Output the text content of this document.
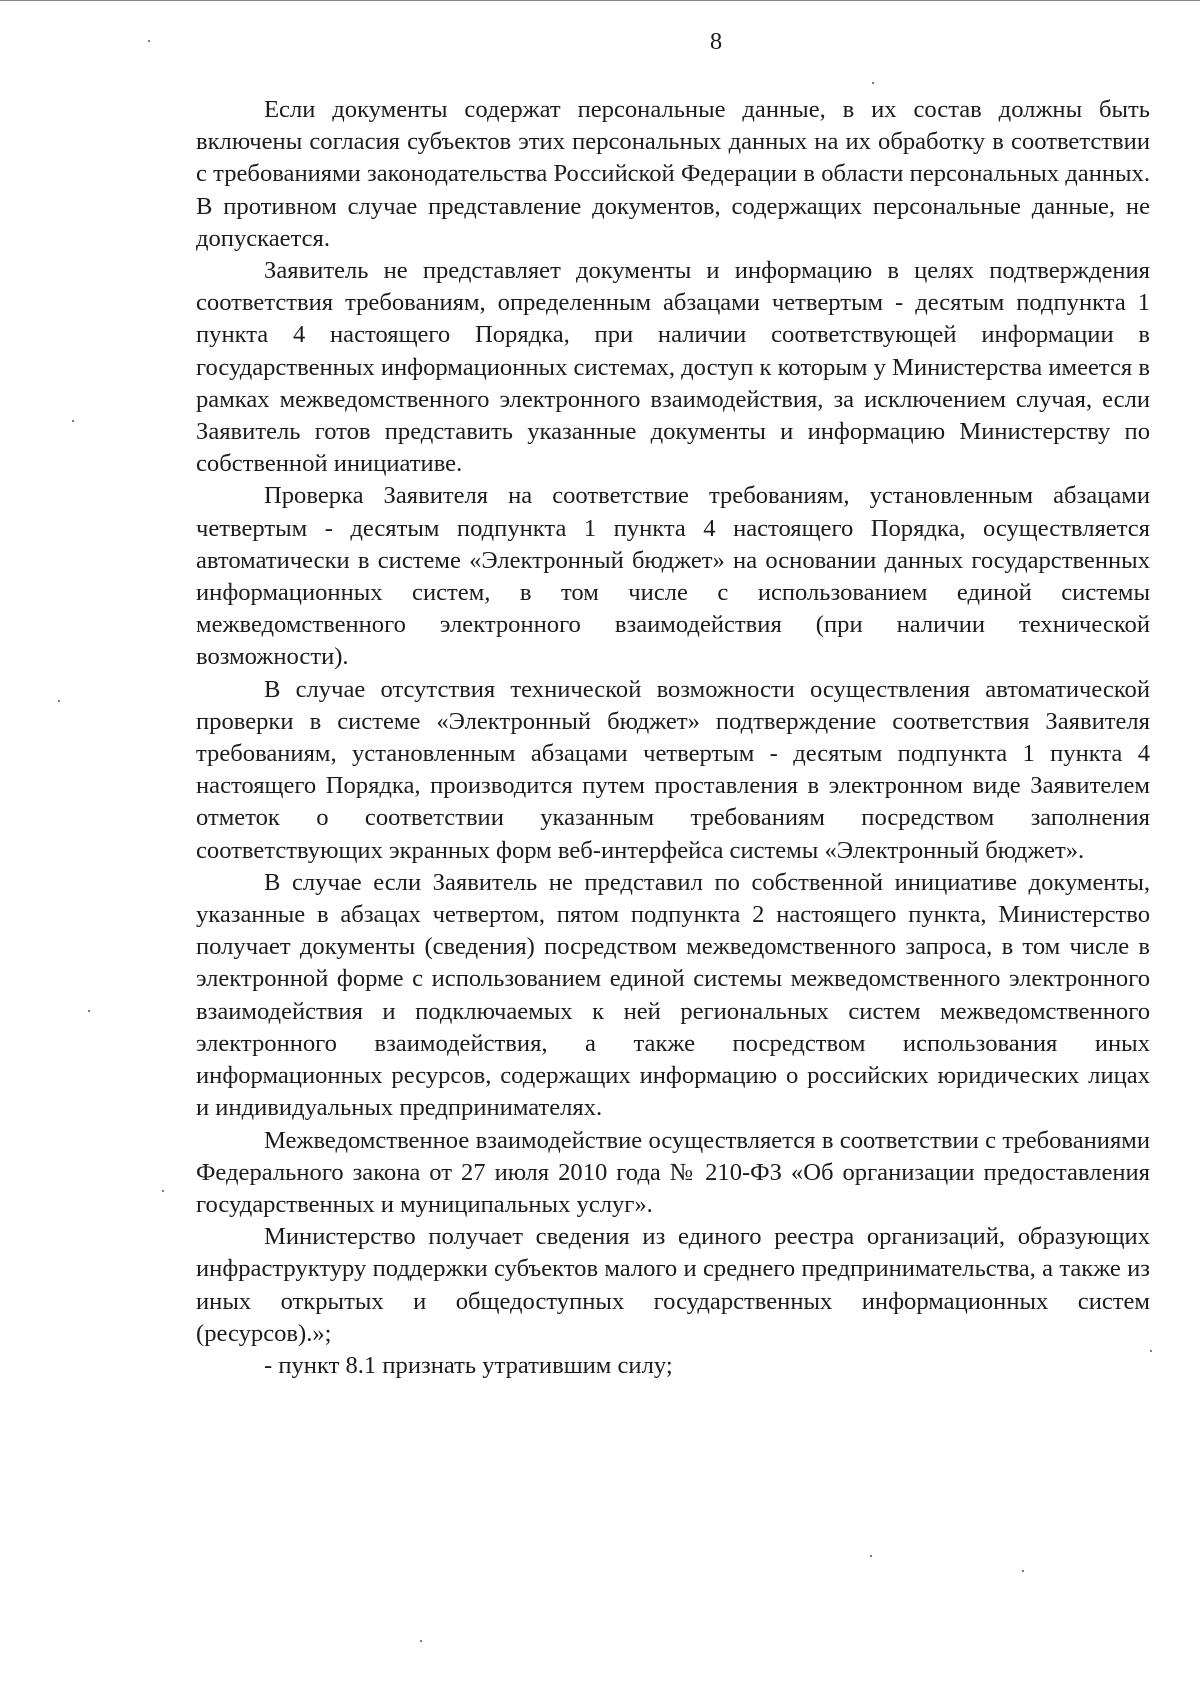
8

Если документы содержат персональные данные, в их состав должны быть включены согласия субъектов этих персональных данных на их обработку в соответствии с требованиями законодательства Российской Федерации в области персональных данных. В противном случае представление документов, содержащих персональные данные, не допускается.

Заявитель не представляет документы и информацию в целях подтверждения соответствия требованиям, определенным абзацами четвертым - десятым подпункта 1 пункта 4 настоящего Порядка, при наличии соответствующей информации в государственных информационных системах, доступ к которым у Министерства имеется в рамках межведомственного электронного взаимодействия, за исключением случая, если Заявитель готов представить указанные документы и информацию Министерству по собственной инициативе.

Проверка Заявителя на соответствие требованиям, установленным абзацами четвертым - десятым подпункта 1 пункта 4 настоящего Порядка, осуществляется автоматически в системе «Электронный бюджет» на основании данных государственных информационных систем, в том числе с использованием единой системы межведомственного электронного взаимодействия (при наличии технической возможности).

В случае отсутствия технической возможности осуществления автоматической проверки в системе «Электронный бюджет» подтверждение соответствия Заявителя требованиям, установленным абзацами четвертым - десятым подпункта 1 пункта 4 настоящего Порядка, производится путем проставления в электронном виде Заявителем отметок о соответствии указанным требованиям посредством заполнения соответствующих экранных форм веб-интерфейса системы «Электронный бюджет».

В случае если Заявитель не представил по собственной инициативе документы, указанные в абзацах четвертом, пятом подпункта 2 настоящего пункта, Министерство получает документы (сведения) посредством межведомственного запроса, в том числе в электронной форме с использованием единой системы межведомственного электронного взаимодействия и подключаемых к ней региональных систем межведомственного электронного взаимодействия, а также посредством использования иных информационных ресурсов, содержащих информацию о российских юридических лицах и индивидуальных предпринимателях.

Межведомственное взаимодействие осуществляется в соответствии с требованиями Федерального закона от 27 июля 2010 года № 210-ФЗ «Об организации предоставления государственных и муниципальных услуг».

Министерство получает сведения из единого реестра организаций, образующих инфраструктуру поддержки субъектов малого и среднего предпринимательства, а также из иных открытых и общедоступных государственных информационных систем (ресурсов).»;

- пункт 8.1 признать утратившим силу;
